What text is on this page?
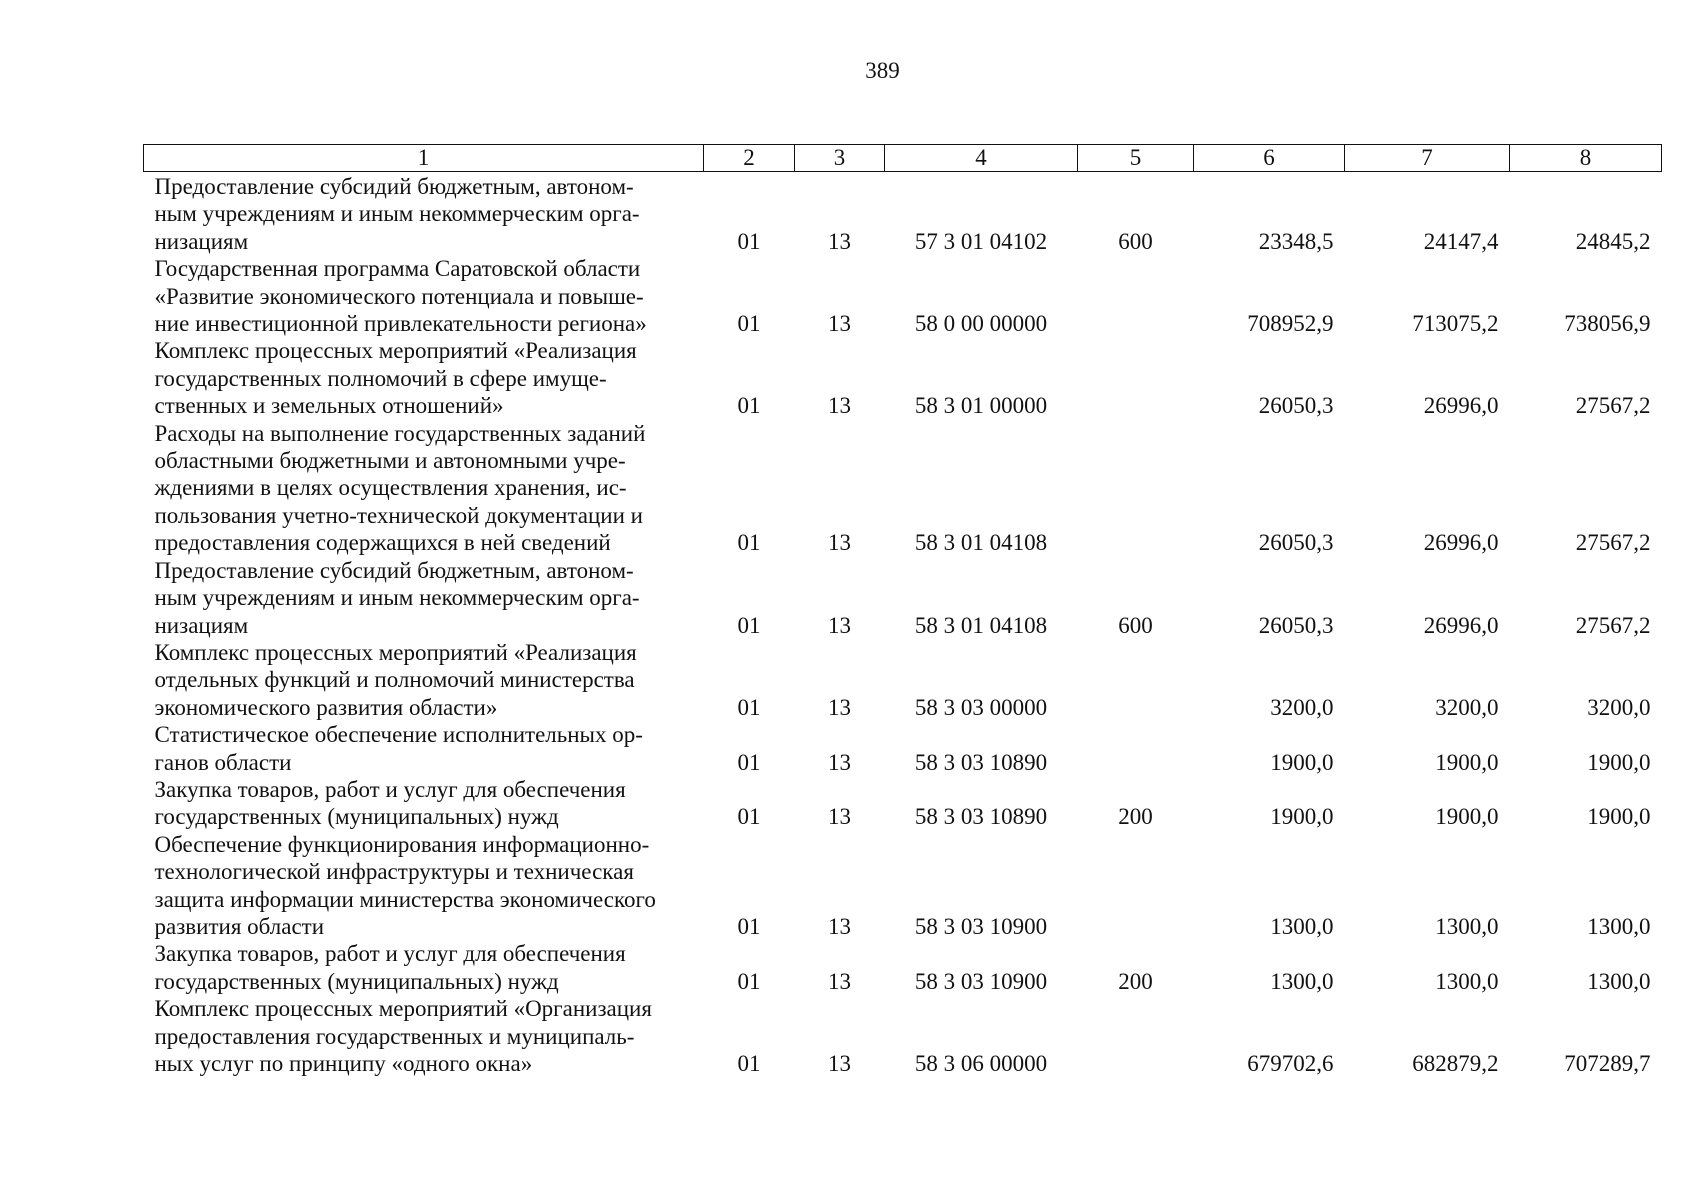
389
1	2	3	4	5	6	7	8
Предоставление субсидий бюджетным, автоном-
ным учреждениям и иным некоммерческим орга-
низациям	01	13	57 3 01 04102	600	23348,5	24147,4	24845,2
Государственная программа Саратовской области
«Развитие экономического потенциала и повыше-
ние инвестиционной привлекательности региона»	01	13	58 0 00 00000		708952,9	713075,2	738056,9
Комплекс процессных мероприятий «Реализация
государственных полномочий в сфере имуще-
ственных и земельных отношений»	01	13	58 3 01 00000		26050,3	26996,0	27567,2
Расходы на выполнение государственных заданий
областными бюджетными и автономными учре-
ждениями в целях осуществления хранения, ис-
пользования учетно-технической документации и
предоставления содержащихся в ней сведений	01	13	58 3 01 04108		26050,3	26996,0	27567,2
Предоставление субсидий бюджетным, автоном-
ным учреждениям и иным некоммерческим орга-
низациям	01	13	58 3 01 04108	600	26050,3	26996,0	27567,2
Комплекс процессных мероприятий «Реализация
отдельных функций и полномочий министерства
экономического развития области»	01	13	58 3 03 00000		3200,0	3200,0	3200,0
Статистическое обеспечение исполнительных ор-
ганов области	01	13	58 3 03 10890		1900,0	1900,0	1900,0
Закупка товаров, работ и услуг для обеспечения
государственных (муниципальных) нужд	01	13	58 3 03 10890	200	1900,0	1900,0	1900,0
Обеспечение функционирования информационно-
технологической инфраструктуры и техническая
защита информации министерства экономического
развития области	01	13	58 3 03 10900		1300,0	1300,0	1300,0
Закупка товаров, работ и услуг для обеспечения
государственных (муниципальных) нужд	01	13	58 3 03 10900	200	1300,0	1300,0	1300,0
Комплекс процессных мероприятий «Организация
предоставления государственных и муниципаль-
ных услуг по принципу «одного окна»	01	13	58 3 06 00000		679702,6	682879,2	707289,7
